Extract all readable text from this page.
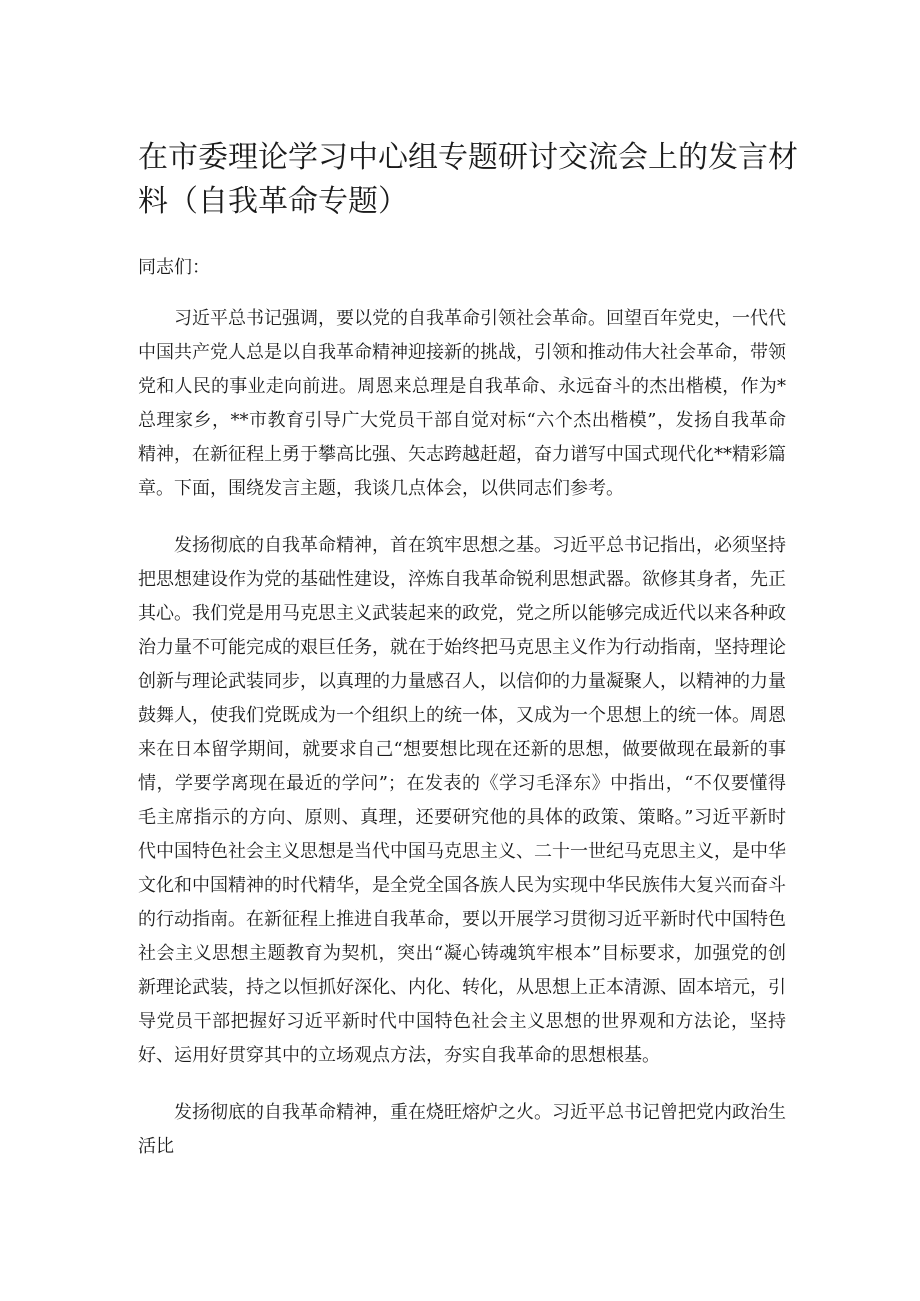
在市委理论学习中心组专题研讨交流会上的发言材料（自我革命专题）

同志们：

习近平总书记强调，要以党的自我革命引领社会革命。回望百年党史，一代代中国共产党人总是以自我革命精神迎接新的挑战，引领和推动伟大社会革命，带领党和人民的事业走向前进。周恩来总理是自我革命、永远奋斗的杰出楷模，作为*总理家乡，**市教育引导广大党员干部自觉对标“六个杰出楷模”，发扬自我革命精神，在新征程上勇于攀高比强、矢志跨越赶超，奋力谱写中国式现代化**精彩篇章。下面，围绕发言主题，我谈几点体会，以供同志们参考。

发扬彻底的自我革命精神，首在筑牢思想之基。习近平总书记指出，必须坚持把思想建设作为党的基础性建设，淬炼自我革命锐利思想武器。欲修其身者，先正其心。我们党是用马克思主义武装起来的政党，党之所以能够完成近代以来各种政治力量不可能完成的艰巨任务，就在于始终把马克思主义作为行动指南，坚持理论创新与理论武装同步，以真理的力量感召人，以信仰的力量凝聚人，以精神的力量鼓舞人，使我们党既成为一个组织上的统一体，又成为一个思想上的统一体。周恩来在日本留学期间，就要求自己“想要想比现在还新的思想，做要做现在最新的事情，学要学离现在最近的学问”；在发表的《学习毛泽东》中指出，“不仅要懂得毛主席指示的方向、原则、真理，还要研究他的具体的政策、策略。”习近平新时代中国特色社会主义思想是当代中国马克思主义、二十一世纪马克思主义，是中华文化和中国精神的时代精华，是全党全国各族人民为实现中华民族伟大复兴而奋斗的行动指南。在新征程上推进自我革命，要以开展学习贯彻习近平新时代中国特色社会主义思想主题教育为契机，突出“凝心铸魂筑牢根本”目标要求，加强党的创新理论武装，持之以恒抓好深化、内化、转化，从思想上正本清源、固本培元，引导党员干部把握好习近平新时代中国特色社会主义思想的世界观和方法论，坚持好、运用好贯穿其中的立场观点方法，夯实自我革命的思想根基。

发扬彻底的自我革命精神，重在烧旺熔炉之火。习近平总书记曾把党内政治生活比
